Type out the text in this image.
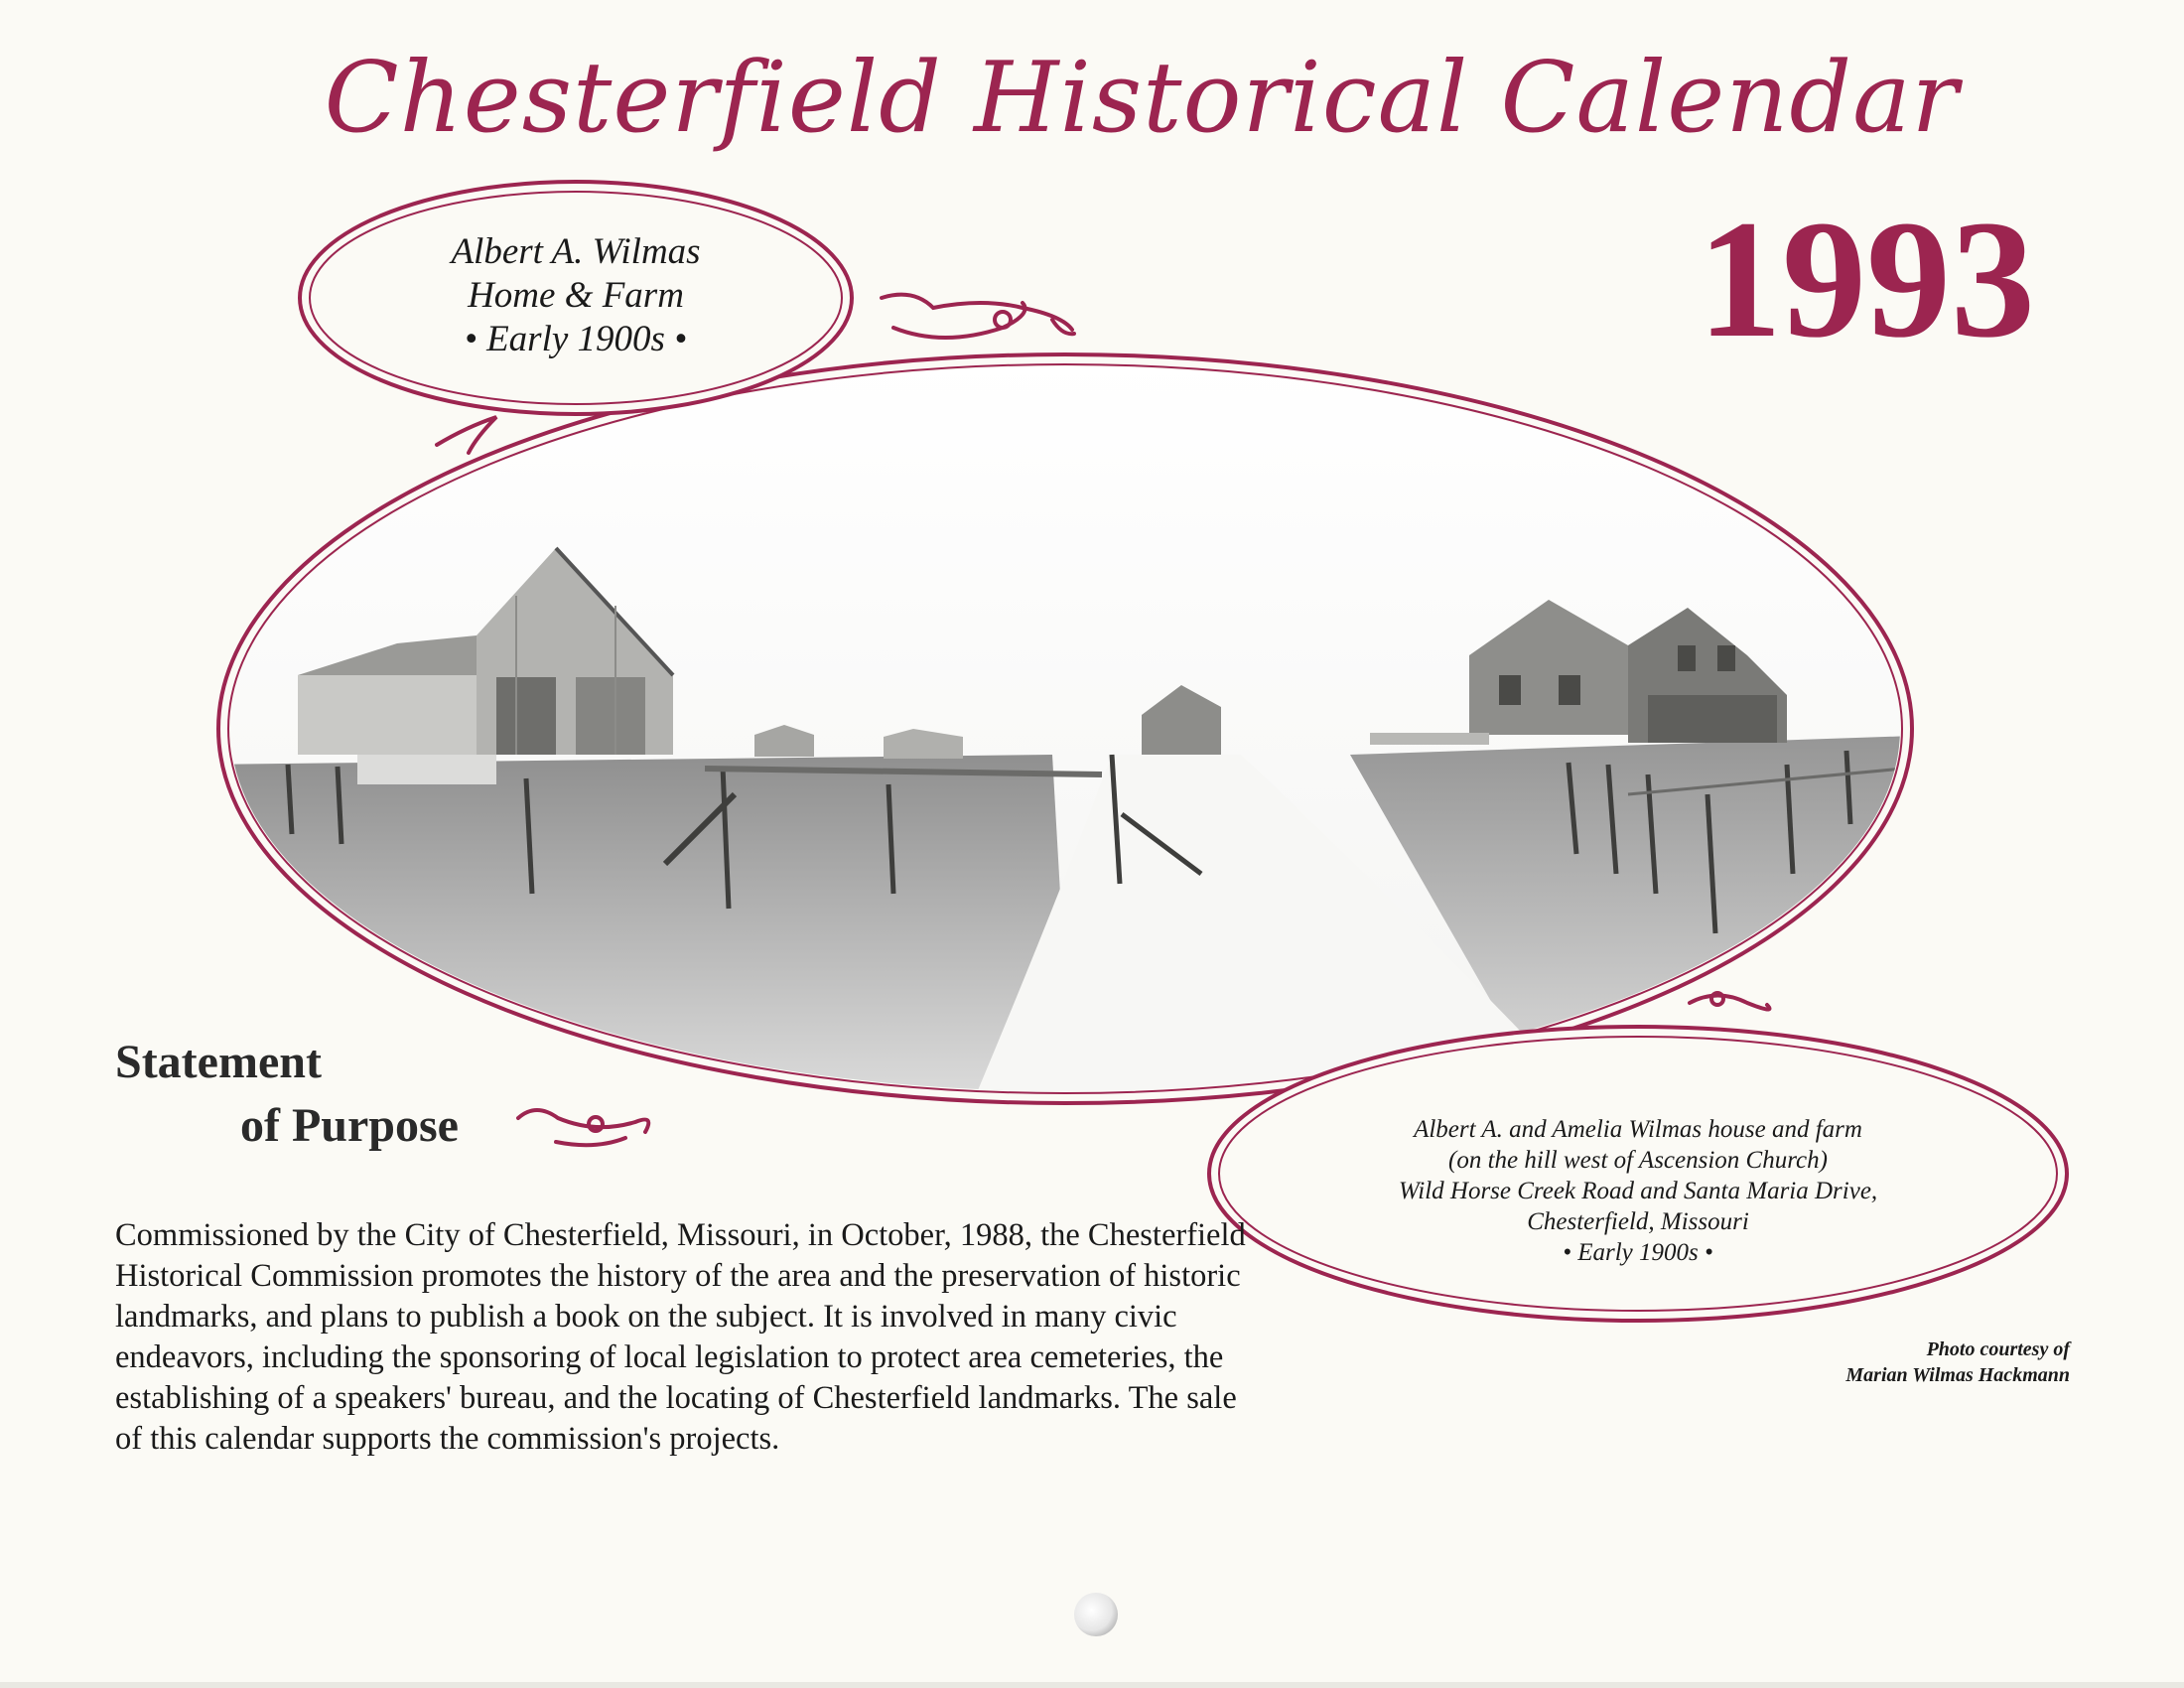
Chesterfield Historical Calendar
1993
Albert A. Wilmas
Home & Farm
• Early 1900s •
Albert A. and Amelia Wilmas house and farm
(on the hill west of Ascension Church)
Wild Horse Creek Road and Santa Maria Drive,
Chesterfield, Missouri
• Early 1900s •
Photo courtesy of
Marian Wilmas Hackmann
Statement
of Purpose
Commissioned by the City of Chesterfield, Missouri, in October, 1988, the Chesterfield Historical Commission promotes the history of the area and the preservation of historic landmarks, and plans to publish a book on the subject. It is involved in many civic endeavors, including the sponsoring of local legislation to protect area cemeteries, the establishing of a speakers' bureau, and the locating of Chesterfield landmarks. The sale of this calendar supports the commission's projects.
